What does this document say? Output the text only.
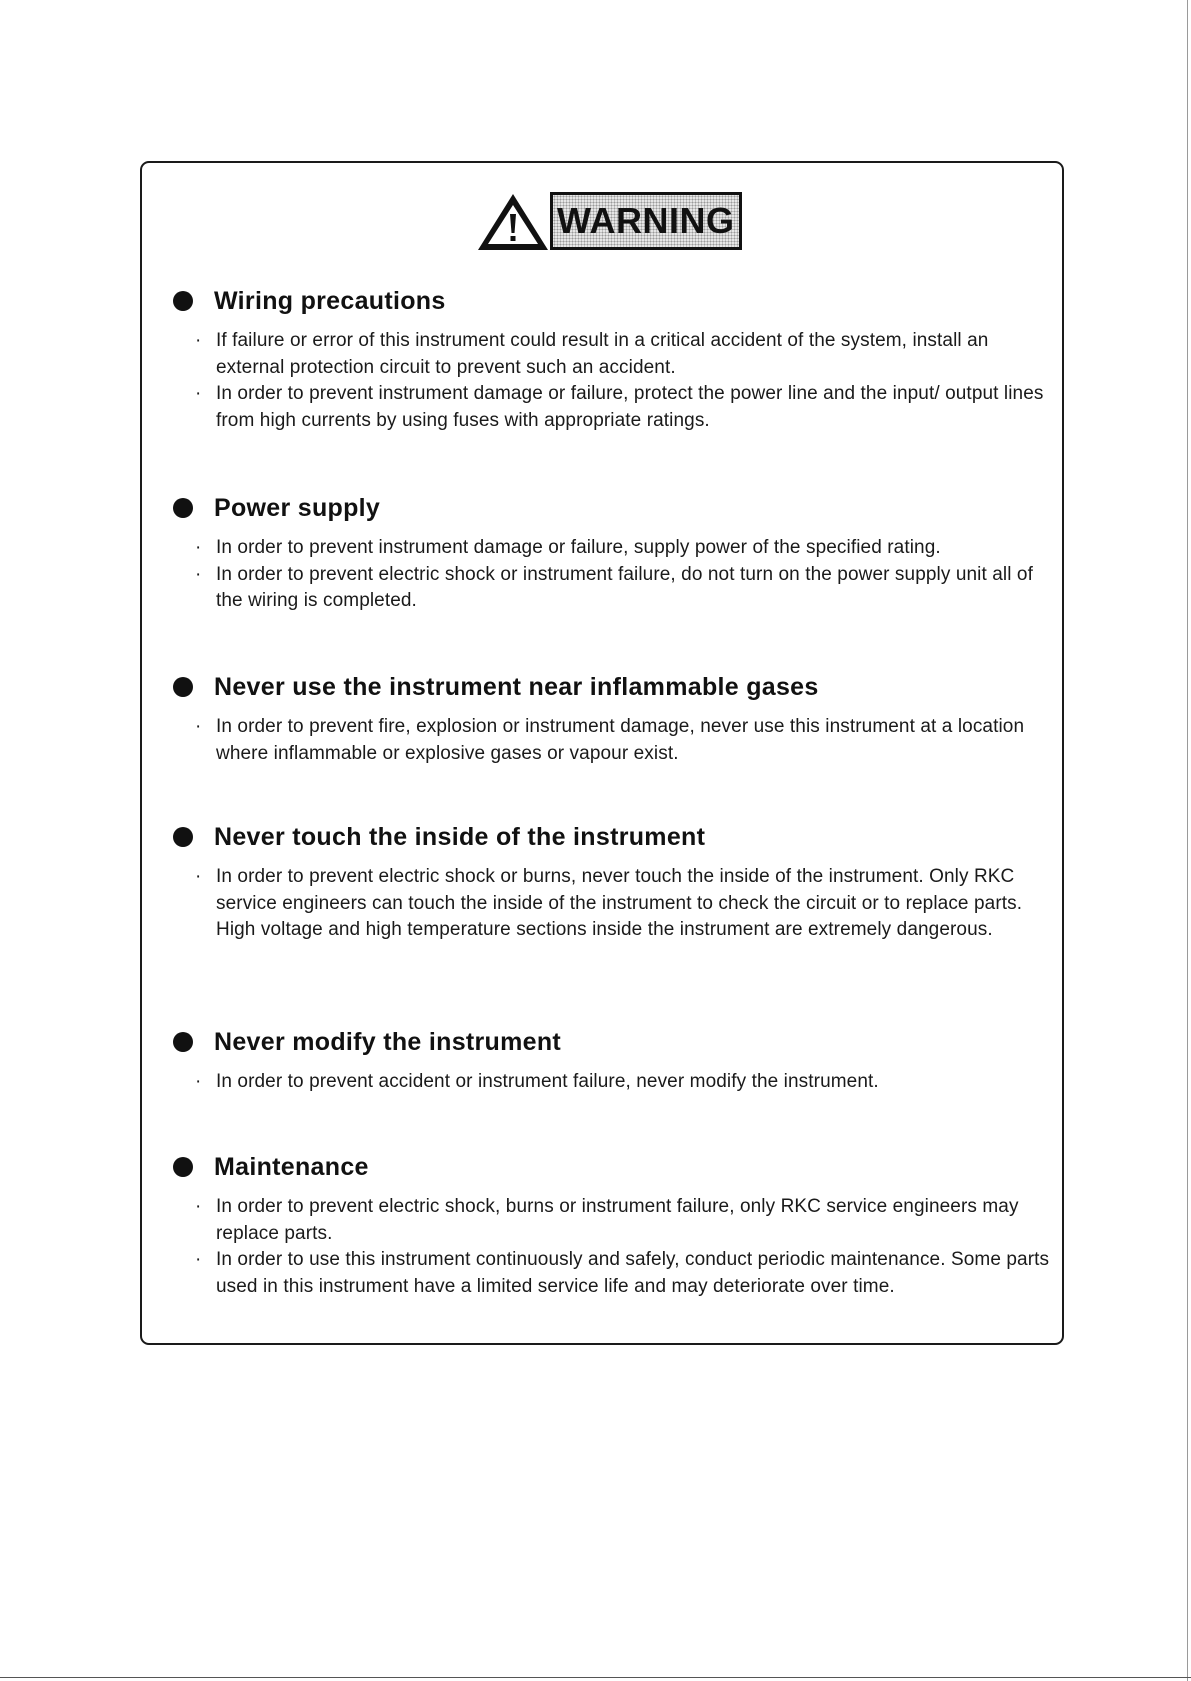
WARNING
Wiring precautions
· If failure or error of this instrument could result in a critical accident of the system, install an external protection circuit to prevent such an accident.
· In order to prevent instrument damage or failure, protect the power line and the input/ output lines from high currents by using fuses with appropriate ratings.
Power supply
· In order to prevent instrument damage or failure, supply power of the specified rating.
· In order to prevent electric shock or instrument failure, do not turn on the power supply unit all of the wiring is completed.
Never use the instrument near inflammable gases
· In order to prevent fire, explosion or instrument damage, never use this instrument at a location where inflammable or explosive gases or vapour exist.
Never touch the inside of the instrument
· In order to prevent electric shock or burns, never touch the inside of the instrument. Only RKC service engineers can touch the inside of the instrument to check the circuit or to replace parts. High voltage and high temperature sections inside the instrument are extremely dangerous.
Never modify the instrument
· In order to prevent accident or instrument failure, never modify the instrument.
Maintenance
· In order to prevent electric shock, burns or instrument failure, only RKC service engineers may replace parts.
· In order to use this instrument continuously and safely, conduct periodic maintenance. Some parts used in this instrument have a limited service life and may deteriorate over time.
